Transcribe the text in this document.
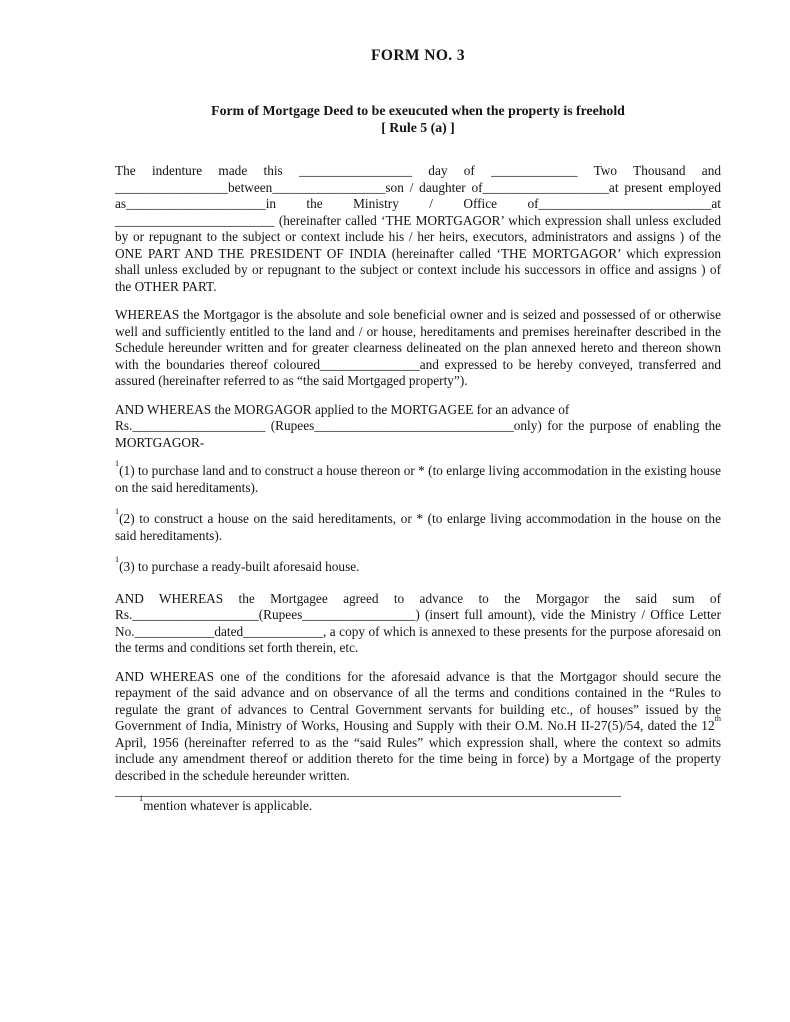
FORM NO. 3
Form of Mortgage Deed to be exeucuted when the property is freehold
[ Rule 5 (a) ]

The indenture made this _________________ day of _____________ Two Thousand and _________________between_________________son / daughter of___________________at present employed as_____________________in the Ministry / Office of__________________________at ________________________ (hereinafter called ‘THE MORTGAGOR’ which expression shall unless excluded by or repugnant to the subject or context include his / her heirs, executors, administrators and assigns ) of the ONE PART AND THE PRESIDENT OF INDIA (hereinafter called ‘THE MORTGAGOR’ which expression shall unless excluded by or repugnant to the subject or context include his successors in office and assigns ) of the OTHER PART.

WHEREAS the Mortgagor is the absolute and sole beneficial owner and is seized and possessed of or otherwise well and sufficiently entitled to the land and / or house, hereditaments and premises hereinafter described in the Schedule hereunder written and for greater clearness delineated on the plan annexed hereto and thereon shown with the boundaries thereof coloured_______________and expressed to be hereby conveyed, transferred and assured (hereinafter referred to as “the said Mortgaged property”).

AND WHEREAS the MORGAGOR applied to the MORTGAGEE for an advance of
Rs.____________________ (Rupees______________________________only) for the purpose of enabling the MORTGAGOR-

$^1$(1) to purchase land and to construct a house thereon or * (to enlarge living accommodation in the existing house on the said hereditaments).

$^1$(2) to construct a house on the said hereditaments, or * (to enlarge living accommodation in the house on the said hereditaments).

$^1$(3) to purchase a ready-built aforesaid house.

AND WHEREAS the Mortgagee agreed to advance to the Morgagor the said sum of Rs.___________________(Rupees_________________) (insert full amount), vide the Ministry / Office Letter No.____________dated____________, a copy of which is annexed to these presents for the purpose aforesaid on the terms and conditions set forth therein, etc.

AND WHEREAS one of the conditions for the aforesaid advance is that the Mortgagor should secure the repayment of the said advance and on observance of all the terms and conditions contained in the “Rules to regulate the grant of advances to Central Government servants for building etc., of houses” issued by the Government of India, Ministry of Works, Housing and Supply with their O.M. No.H II-27(5)/54, dated the 12th April, 1956 (hereinafter referred to as the “said Rules” which expression shall, where the context so admits include any amendment thereof or addition thereto for the time being in force) by a Mortgage of the property described in the schedule hereunder written.

$^1$mention whatever is applicable.
